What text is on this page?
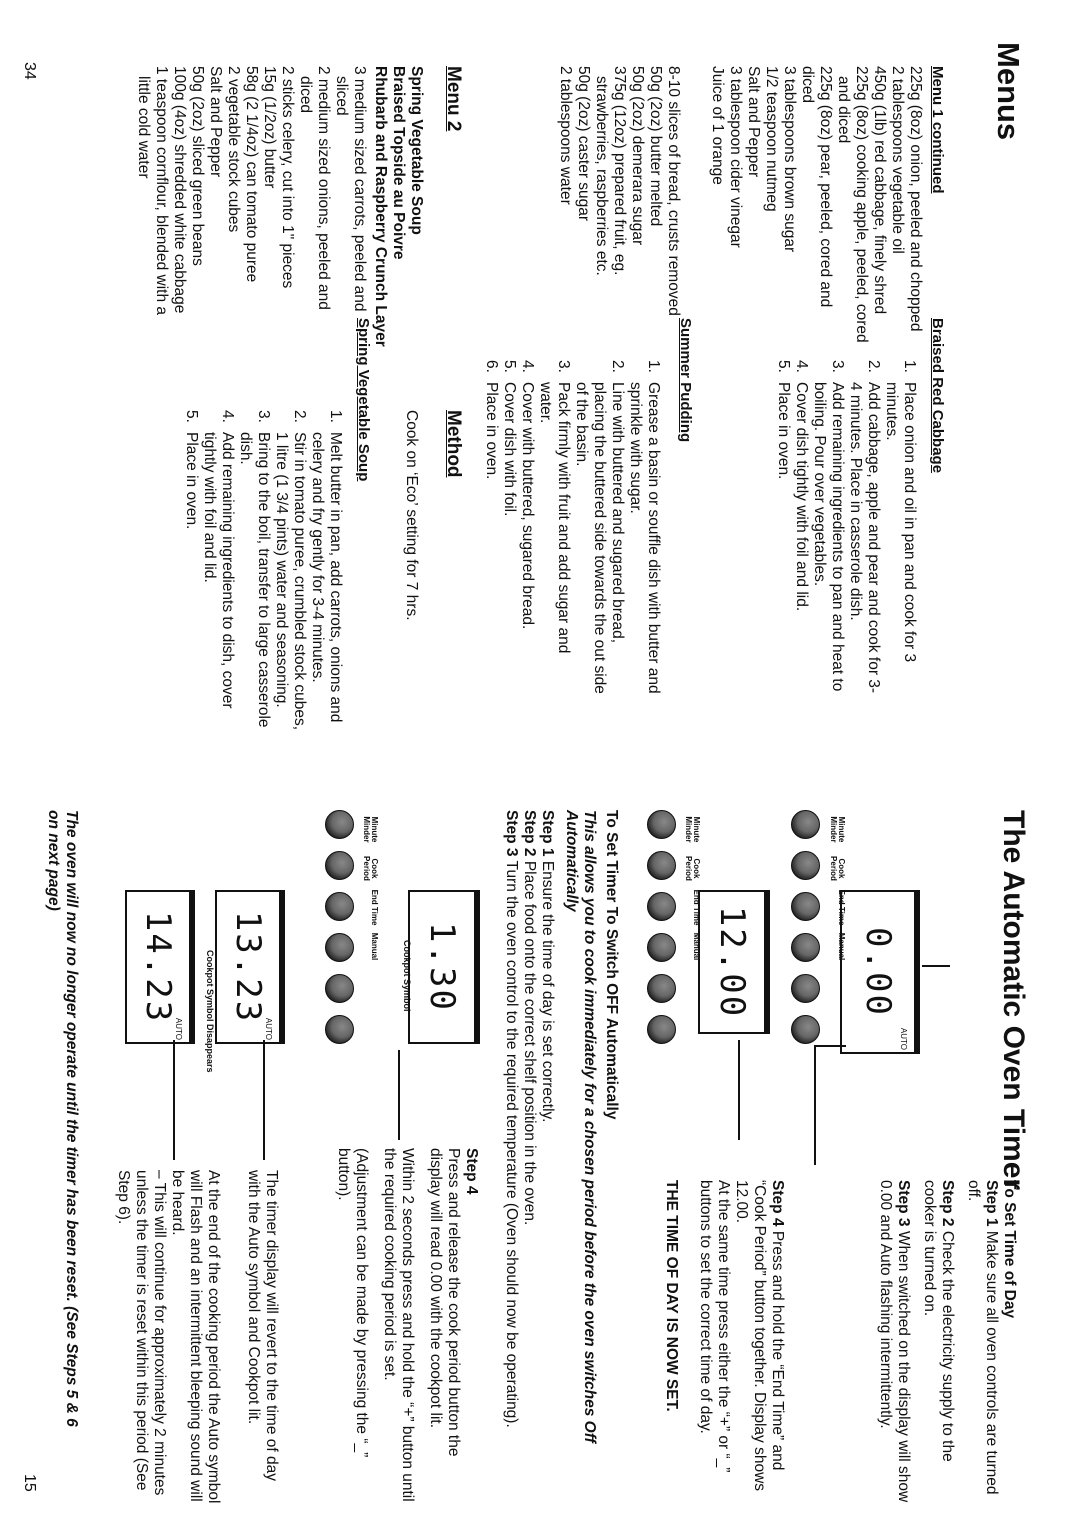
Menus
Menu 1 continued
Braised Red Cabbage
225g (8oz) onion, peeled and chopped
2 tablespoons vegetable oil
450g (1lb) red cabbage, finely shred
225g (8oz) cooking apple, peeled, cored
and diced
225g (8oz) pear, peeled, cored and
diced
3 tablespoons brown sugar
1/2 teaspoon nutmeg
Salt and Pepper
3 tablespoon cider vinegar
Juice of 1 orange
1.
Place onion and oil in pan and cook for 3 minutes.
2.
Add cabbage, apple and pear and cook for 3-4 minutes. Place in casserole dish.
3.
Add remaining ingredients to pan and heat to boiling. Pour over vegetables.
4.
Cover dish tightly with foil and lid.
5.
Place in oven.
Summer Pudding
8-10 slices of bread, crusts removed
50g (2oz) butter melted
50g (2oz) demerara sugar
375g (12oz) prepared fruit, eg.
strawberries, raspberries etc.
50g (2oz) caster sugar
2 tablespoons water
1.
Grease a basin or souffle dish with butter and sprinkle with sugar.
2.
Line with buttered and sugared bread, placing the buttered side towards the out side of the basin.
3.
Pack firmly with fruit and add sugar and water.
4.
Cover with buttered, sugared bread.
5.
Cover dish with foil.
6.
Place in oven.
Menu 2
Spring Vegetable Soup
Braised Topside au Poivre
Rhubarb and Raspberry Crunch Layer
Method
Cook on ‘Eco’ setting for 7 hrs.
Spring Vegetable Soup
3 medium sized carrots, peeled and
sliced
2 medium sized onions, peeled and
diced
2 sticks celery, cut into 1" pieces
15g (1/2oz) butter
58g (2 1/4oz) can tomato puree
2 vegetable stock cubes
Salt and Pepper
50g (2oz) sliced green beans
100g (4oz) shredded white cabbage
1 teaspoon cornflour, blended with a
little cold water
1.
Melt butter in pan, add carrots, onions and celery and fry gently for 3-4 minutes.
2.
Stir in tomato puree, crumbled stock cubes, 1 litre (1 3/4 pints) water and seasoning.
3.
Bring to the boil, transfer to large casserole dish.
4.
Add remaining ingredients to dish, cover tightly with foil and lid.
5.
Place in oven.
34
The Automatic Oven Timer
0.00
AUTO
Minute Minder
Cook Period
End Time
Manual
To Set Time of Day
Step 1 Make sure all oven controls are turned off.
Step 2 Check the electricity supply to the cooker is turned on.
Step 3 When switched on the display will show 0.00 and Auto flashing intermittently.
12.00
Minute Minder
Cook Period
End Time
Manual
Step 4 Press and hold the “End Time” and “Cook Period” button together. Display shows 12.00.
At the same time press either the “+” or “_” buttons to set the correct time of day.
THE TIME OF DAY IS NOW SET.
To Set Timer To Switch OFF Automatically
This allows you to cook immediately for a chosen period before the oven switches Off Automatically
Step 1 Ensure the time of day is set correctly.
Step 2 Place food onto the correct shelf position in the oven.
Step 3 Turn the oven control to the required temperature (Oven should now be operating).
1.30
Cookpot Symbol
Minute Minder
Cook Period
End Time
Manual
Step 4
Press and release the cook period button the display will read 0.00 with the cookpot lit.
Within 2 seconds press and hold the “+” button until the required cooking period is set.
(Adjustment can be made by pressing the “_” button).
13.23
AUTO
The timer display will revert to the time of day with the Auto symbol and Cookpot lit.
14.23
AUTO Cookpot Symbol Disappears
At the end of the cooking period the Auto symbol will Flash and an intermittent bleeping sound will be heard.
– This will continue for approximately 2 minutes unless the timer is reset within this period (See Step 6).
The oven will now no longer operate until the timer has been reset. (See Steps 5 & 6 on next page)
15
